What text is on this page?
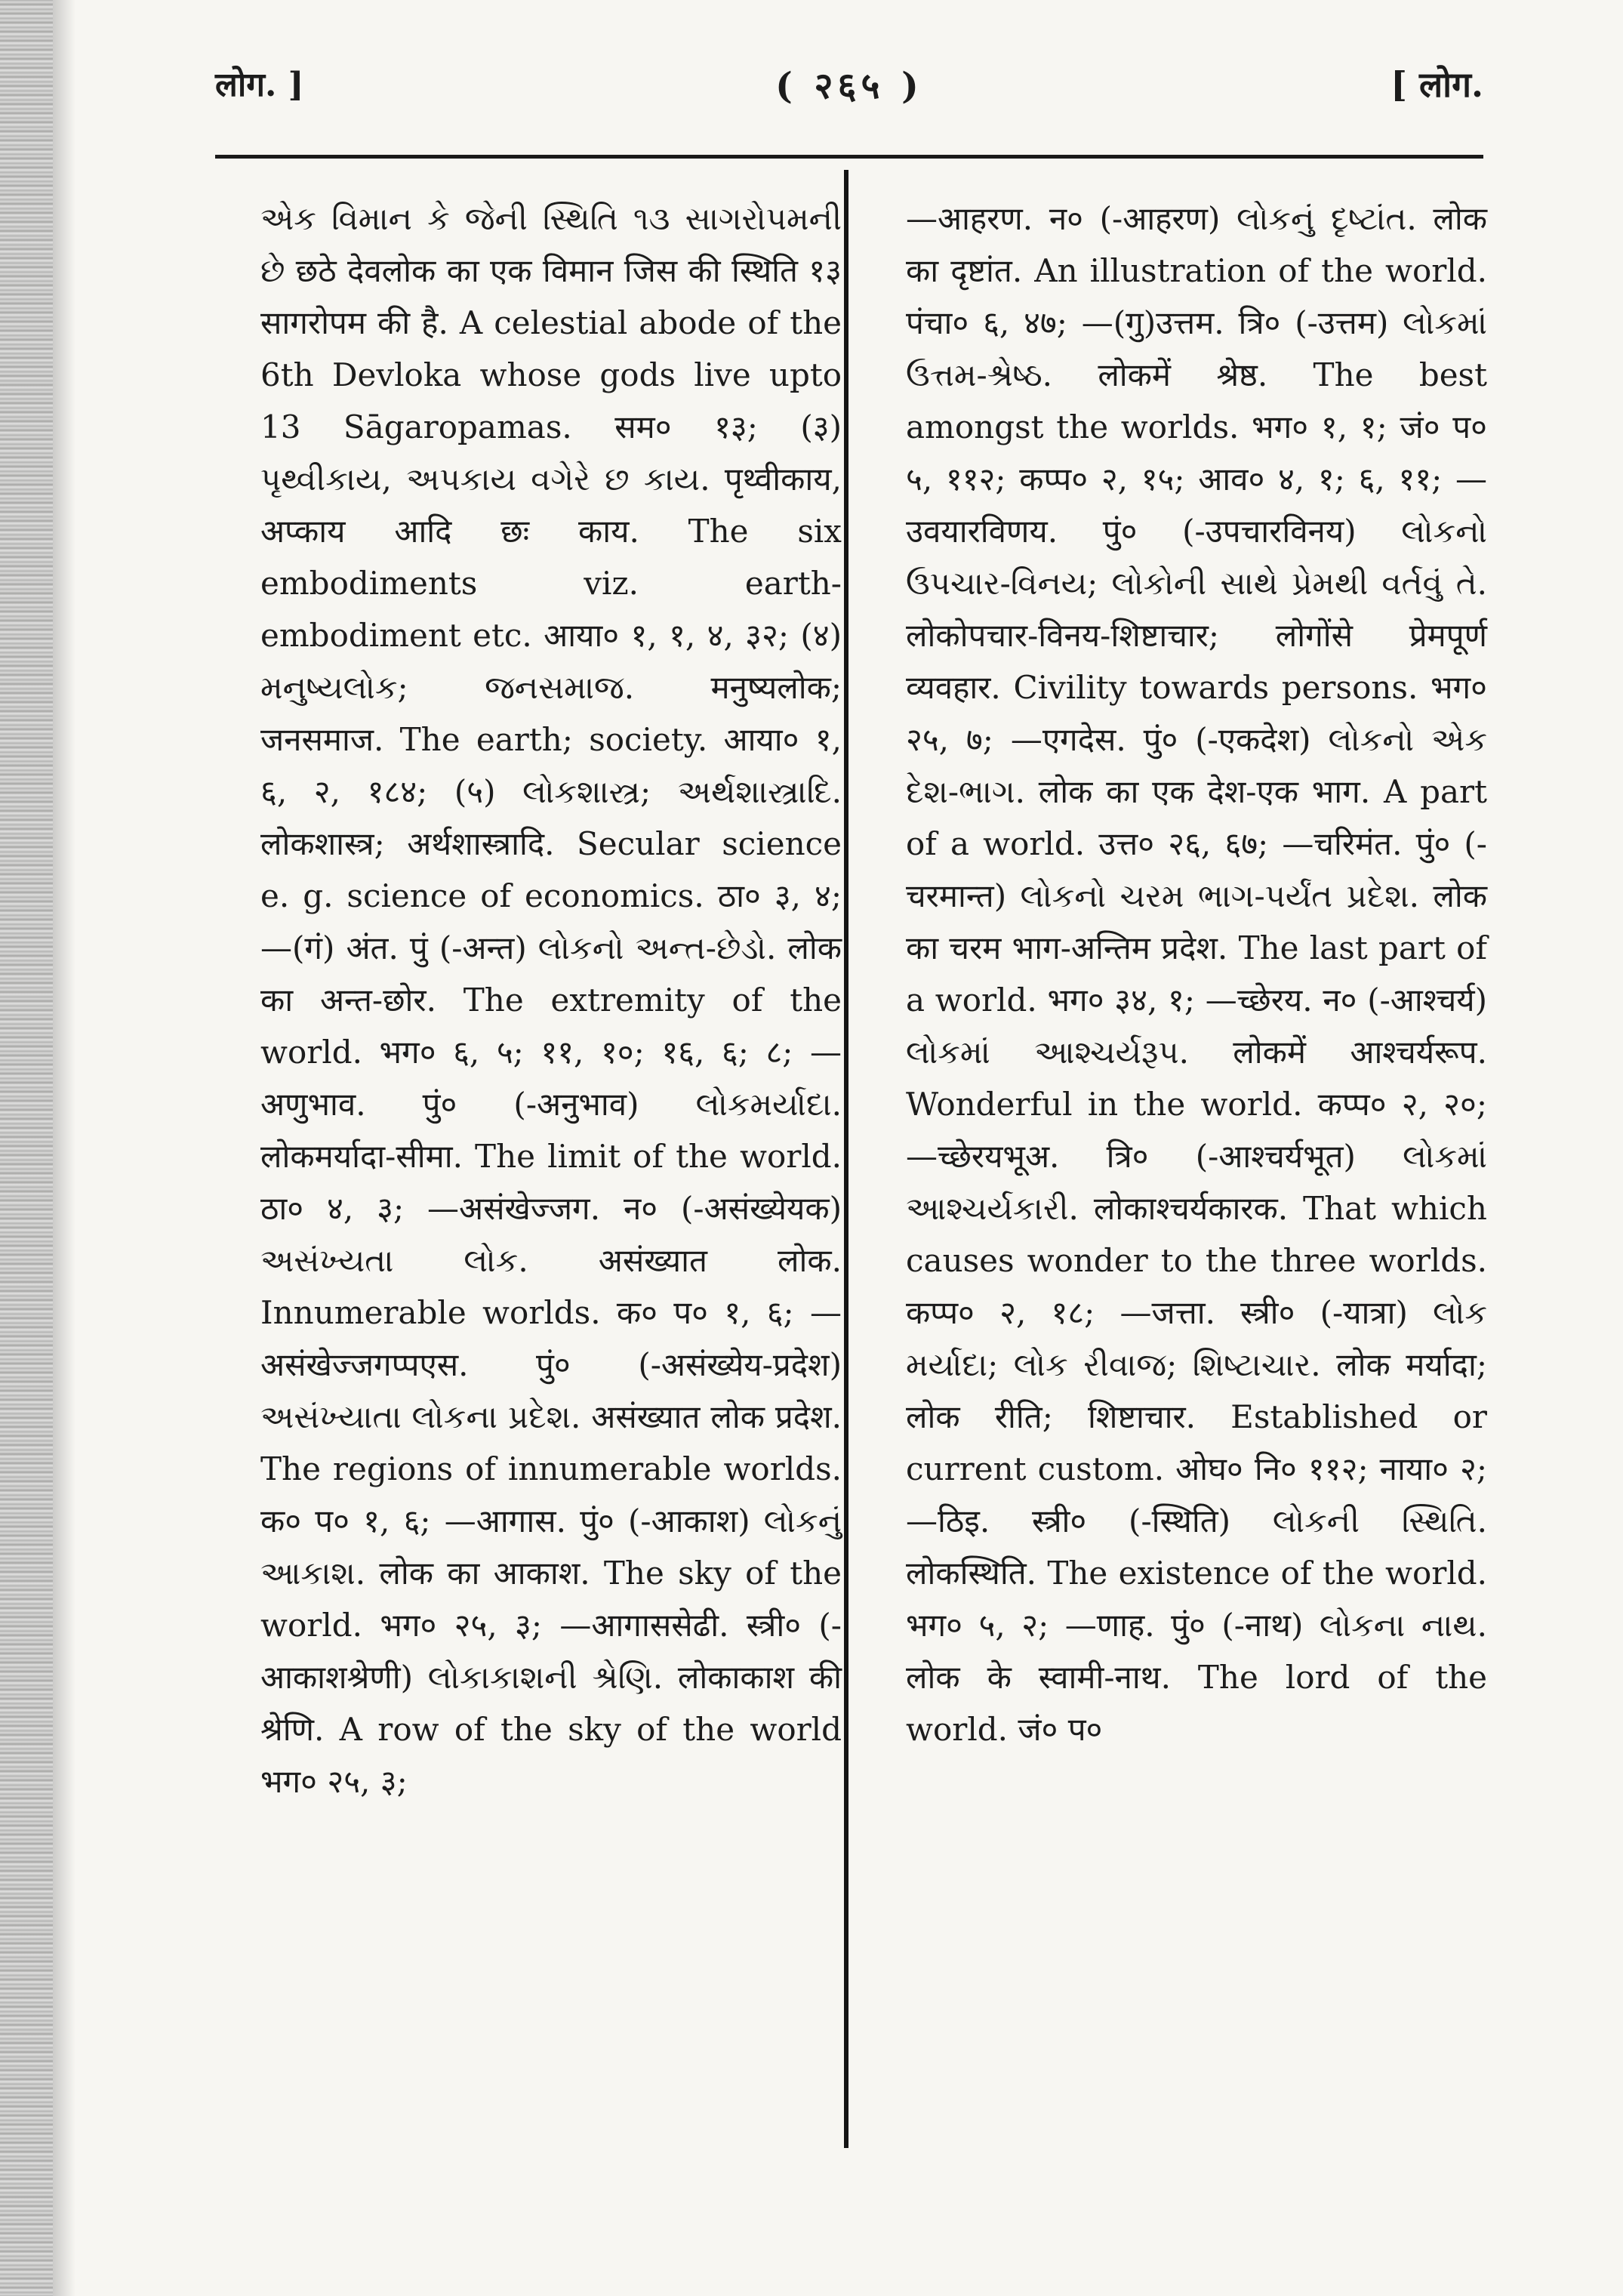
लोग. ]	( २६५ )	[ लोग.

એક વિમાન કે જેની સ્થિતિ ૧૩ સાગરોપમની છે छठे देवलोक का एक विमान जिस की स्थिति १३ सागरोपम की है. A celestial abode of the 6th Devloka whose gods live upto 13 Sāgaropamas. सम० १३; (३) પૃથ્વીકાય, અપકાય વગેરે છ કાય. पृथ्वीकाय, अप्काय आदि छः काय. The six embodiments viz. earth-embodiment etc. आया० १, १, ४, ३२; (४) મનુષ્યલોક; જનસમાજ. मनुष्यलोक; जनसमाज. The earth; society. आया० १, ६, २, १८४; (५) લોકશાસ્ત્ર; અર્થશાસ્ત્રાદિ. लोकशास्त्र; अर्थशास्त्रादि. Secular science e. g. science of economics. ठा० ३, ४; —(गं) अंत. पुं (-अन्त) લોકનો અન્ત-છેડો. लोक का अन्त-छोर. The extremity of the world. भग० ६, ५; ११, १०; १६, ६; ८; —अणुभाव. पुं० (-अनुभाव) લોકમર્યાદા. लोकमर्यादा-सीमा. The limit of the world. ठा० ४, ३; —असंखेज्जग. न० (-असंख्येयक) અસંખ્યતા લોક. असंख्यात लोक. Innumerable worlds. क० प० १, ६; —असंखेज्जगप्पएस. पुं० (-असंख्येय-प्रदेश) અસંખ્યાતા લોકના પ્રદેશ. असंख्यात लोक प्रदेश. The regions of innumerable worlds. क० प० १, ६; —आगास. पुं० (-आकाश) લોકનું આકાશ. लोक का आकाश. The sky of the world. भग० २५, ३; —आगाससेढी. स्त्री० (-आकाशश्रेणी) લોકાકાશની શ્રેણિ. लोकाकाश की श्रेणि. A row of the sky of the world भग० २५, ३;

—आहरण. न० (-आहरण) લોકનું દૃષ્ટાંત. लोक का दृष्टांत. An illustration of the world. पंचा० ६, ४७; —(गु)उत्तम. त्रि० (-उत्तम) લોકમાં ઉત્તમ-શ્રેષ્ઠ. लोकमें श्रेष्ठ. The best amongst the worlds. भग० १, १; जं० प० ५, ११२; कप्प० २, १५; आव० ४, १; ६, ११; —उवयारविणय. पुं० (-उपचारविनय) લોકનો ઉપચાર-વિનય; લોકોની સાથે પ્રેમથી વર્તવું તે. लोकोपचार-विनय-शिष्टाचार; लोगोंसे प्रेमपूर्ण व्यवहार. Civility towards persons. भग० २५, ७; —एगदेस. पुं० (-एकदेश) લોકનો એક દેશ-ભાગ. लोक का एक देश-एक भाग. A part of a world. उत्त० २६, ६७; —चरिमंत. पुं० (-चरमान्त) લોકનો ચરમ ભાગ-પર્યંત પ્રદેશ. लोक का चरम भाग-अन्तिम प्रदेश. The last part of a world. भग० ३४, १; —च्छेरय. न० (-आश्चर्य) લોકમાં આશ્ચર્યરૂપ. लोकमें आश्चर्यरूप. Wonderful in the world. कप्प० २, २०; —च्छेरयभूअ. त्रि० (-आश्चर्यभूत) લોકમાં આશ્ચર્યકારી. लोकाश्चर्यकारक. That which causes wonder to the three worlds. कप्प० २, १८; —जत्ता. स्त्री० (-यात्रा) લોક મર્યાદા; લોક રીવાજ; શિષ્ટાચાર. लोक मर्यादा; लोक रीति; शिष्टाचार. Established or current custom. ओघ० नि० ११२; नाया० २; —ठिइ. स्त्री० (-स्थिति) લોકની સ્થિતિ. लोकस्थिति. The existence of the world. भग० ५, २; —णाह. पुं० (-नाथ) લોકના નાથ. लोक के स्वामी-नाथ. The lord of the world. जं० प०
